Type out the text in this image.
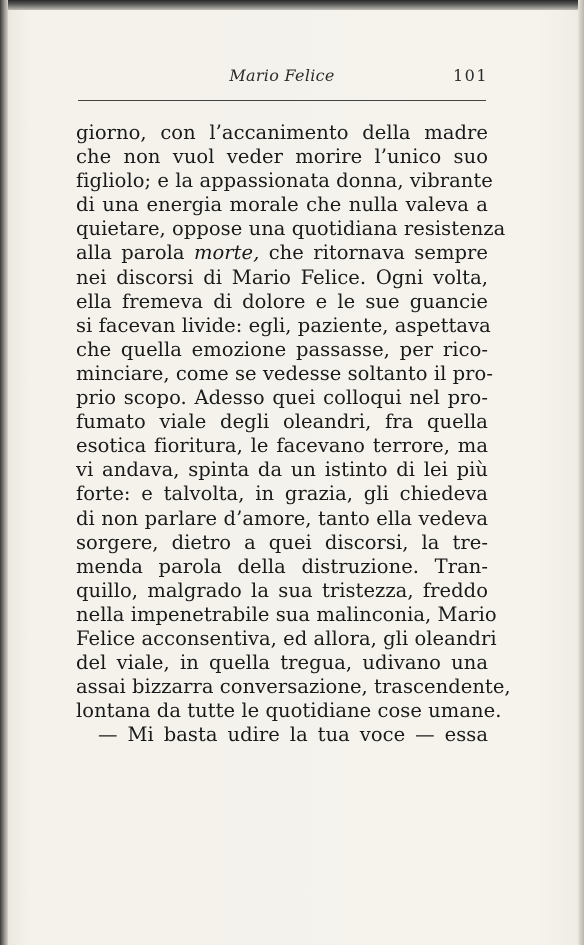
Mario Felice	101
giorno, con l’accanimento della madre
che non vuol veder morire l’unico suo
figliolo; e la appassionata donna, vibrante
di una energia morale che nulla valeva a
quietare, oppose una quotidiana resistenza
alla parola morte, che ritornava sempre
nei discorsi di Mario Felice. Ogni volta,
ella fremeva di dolore e le sue guancie
si facevan livide: egli, paziente, aspettava
che quella emozione passasse, per rico-
minciare, come se vedesse soltanto il pro-
prio scopo. Adesso quei colloqui nel pro-
fumato viale degli oleandri, fra quella
esotica fioritura, le facevano terrore, ma
vi andava, spinta da un istinto di lei più
forte: e talvolta, in grazia, gli chiedeva
di non parlare d’amore, tanto ella vedeva
sorgere, dietro a quei discorsi, la tre-
menda parola della distruzione. Tran-
quillo, malgrado la sua tristezza, freddo
nella impenetrabile sua malinconia, Mario
Felice acconsentiva, ed allora, gli oleandri
del viale, in quella tregua, udivano una
assai bizzarra conversazione, trascendente,
lontana da tutte le quotidiane cose umane.
— Mi basta udire la tua voce — essa
